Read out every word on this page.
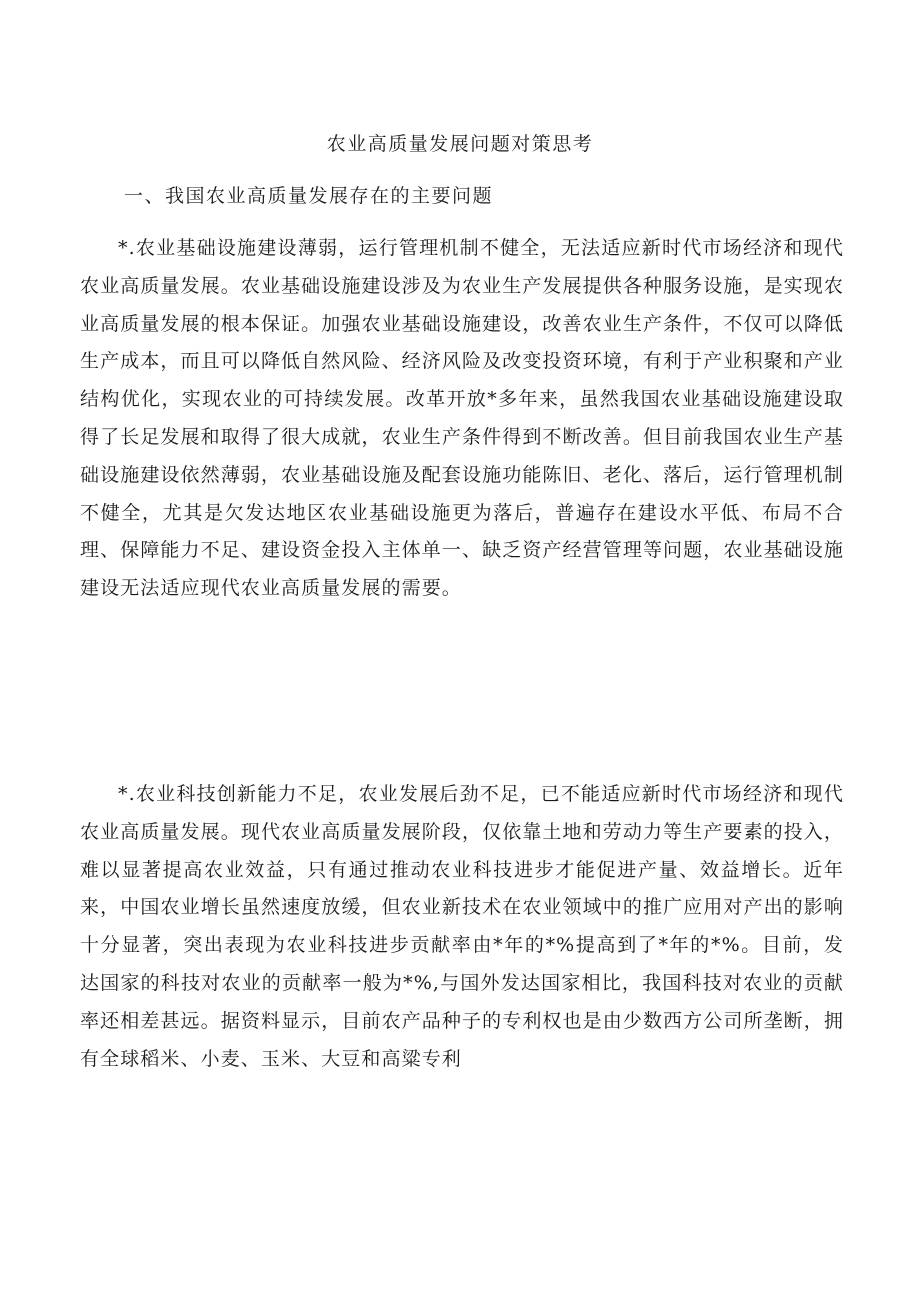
农业高质量发展问题对策思考
一、我国农业高质量发展存在的主要问题

*.农业基础设施建设薄弱，运行管理机制不健全，无法适应新时代市场经济和现代农业高质量发展。农业基础设施建设涉及为农业生产发展提供各种服务设施，是实现农业高质量发展的根本保证。加强农业基础设施建设，改善农业生产条件，不仅可以降低生产成本，而且可以降低自然风险、经济风险及改变投资环境，有利于产业积聚和产业结构优化，实现农业的可持续发展。改革开放*多年来，虽然我国农业基础设施建设取得了长足发展和取得了很大成就，农业生产条件得到不断改善。但目前我国农业生产基础设施建设依然薄弱，农业基础设施及配套设施功能陈旧、老化、落后，运行管理机制不健全，尤其是欠发达地区农业基础设施更为落后，普遍存在建设水平低、布局不合理、保障能力不足、建设资金投入主体单一、缺乏资产经营管理等问题，农业基础设施建设无法适应现代农业高质量发展的需要。

*.农业科技创新能力不足，农业发展后劲不足，已不能适应新时代市场经济和现代农业高质量发展。现代农业高质量发展阶段，仅依靠土地和劳动力等生产要素的投入，难以显著提高农业效益，只有通过推动农业科技进步才能促进产量、效益增长。近年来，中国农业增长虽然速度放缓，但农业新技术在农业领域中的推广应用对产出的影响十分显著，突出表现为农业科技进步贡献率由*年的*%提高到了*年的*%。目前，发达国家的科技对农业的贡献率一般为*%,与国外发达国家相比，我国科技对农业的贡献率还相差甚远。据资料显示，目前农产品种子的专利权也是由少数西方公司所垄断，拥有全球稻米、小麦、玉米、大豆和高粱专利
